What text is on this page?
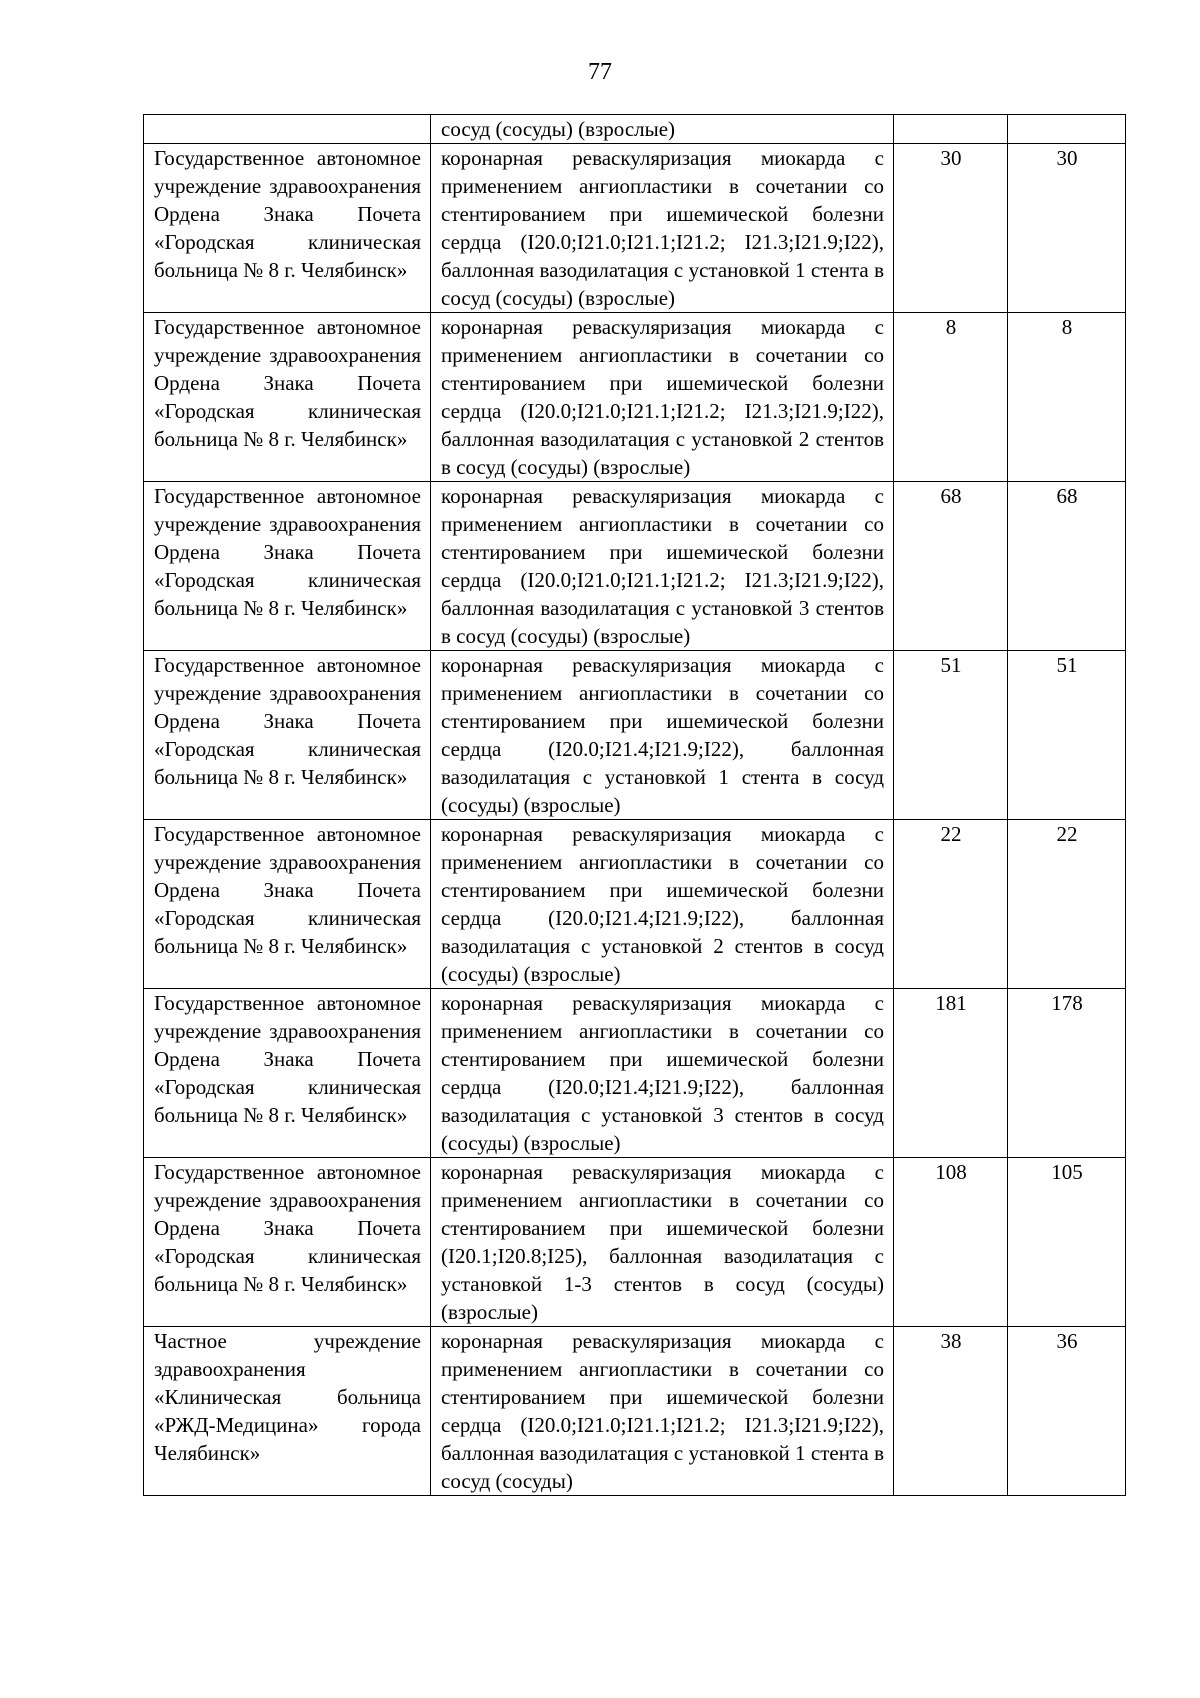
77
	сосуд (сосуды) (взрослые)		
Государственное автономное учреждение здравоохранения Ордена Знака Почета «Городская клиническая больница № 8 г. Челябинск»	коронарная реваскуляризация миокарда с применением ангиопластики в сочетании со стентированием при ишемической болезни сердца (I20.0;I21.0;I21.1;I21.2; I21.3;I21.9;I22), баллонная вазодилатация с установкой 1 стента в сосуд (сосуды) (взрослые)	30	30
Государственное автономное учреждение здравоохранения Ордена Знака Почета «Городская клиническая больница № 8 г. Челябинск»	коронарная реваскуляризация миокарда с применением ангиопластики в сочетании со стентированием при ишемической болезни сердца (I20.0;I21.0;I21.1;I21.2; I21.3;I21.9;I22), баллонная вазодилатация с установкой 2 стентов в сосуд (сосуды) (взрослые)	8	8
Государственное автономное учреждение здравоохранения Ордена Знака Почета «Городская клиническая больница № 8 г. Челябинск»	коронарная реваскуляризация миокарда с применением ангиопластики в сочетании со стентированием при ишемической болезни сердца (I20.0;I21.0;I21.1;I21.2; I21.3;I21.9;I22), баллонная вазодилатация с установкой 3 стентов в сосуд (сосуды) (взрослые)	68	68
Государственное автономное учреждение здравоохранения Ордена Знака Почета «Городская клиническая больница № 8 г. Челябинск»	коронарная реваскуляризация миокарда с применением ангиопластики в сочетании со стентированием при ишемической болезни сердца (I20.0;I21.4;I21.9;I22), баллонная вазодилатация с установкой 1 стента в сосуд (сосуды) (взрослые)	51	51
Государственное автономное учреждение здравоохранения Ордена Знака Почета «Городская клиническая больница № 8 г. Челябинск»	коронарная реваскуляризация миокарда с применением ангиопластики в сочетании со стентированием при ишемической болезни сердца (I20.0;I21.4;I21.9;I22), баллонная вазодилатация с установкой 2 стентов в сосуд (сосуды) (взрослые)	22	22
Государственное автономное учреждение здравоохранения Ордена Знака Почета «Городская клиническая больница № 8 г. Челябинск»	коронарная реваскуляризация миокарда с применением ангиопластики в сочетании со стентированием при ишемической болезни сердца (I20.0;I21.4;I21.9;I22), баллонная вазодилатация с установкой 3 стентов в сосуд (сосуды) (взрослые)	181	178
Государственное автономное учреждение здравоохранения Ордена Знака Почета «Городская клиническая больница № 8 г. Челябинск»	коронарная реваскуляризация миокарда с применением ангиопластики в сочетании со стентированием при ишемической болезни (I20.1;I20.8;I25), баллонная вазодилатация с установкой 1-3 стентов в сосуд (сосуды) (взрослые)	108	105
Частное учреждение здравоохранения «Клиническая больница «РЖД-Медицина» города Челябинск»	коронарная реваскуляризация миокарда с применением ангиопластики в сочетании со стентированием при ишемической болезни сердца (I20.0;I21.0;I21.1;I21.2; I21.3;I21.9;I22), баллонная вазодилатация с установкой 1 стента в сосуд (сосуды)	38	36
